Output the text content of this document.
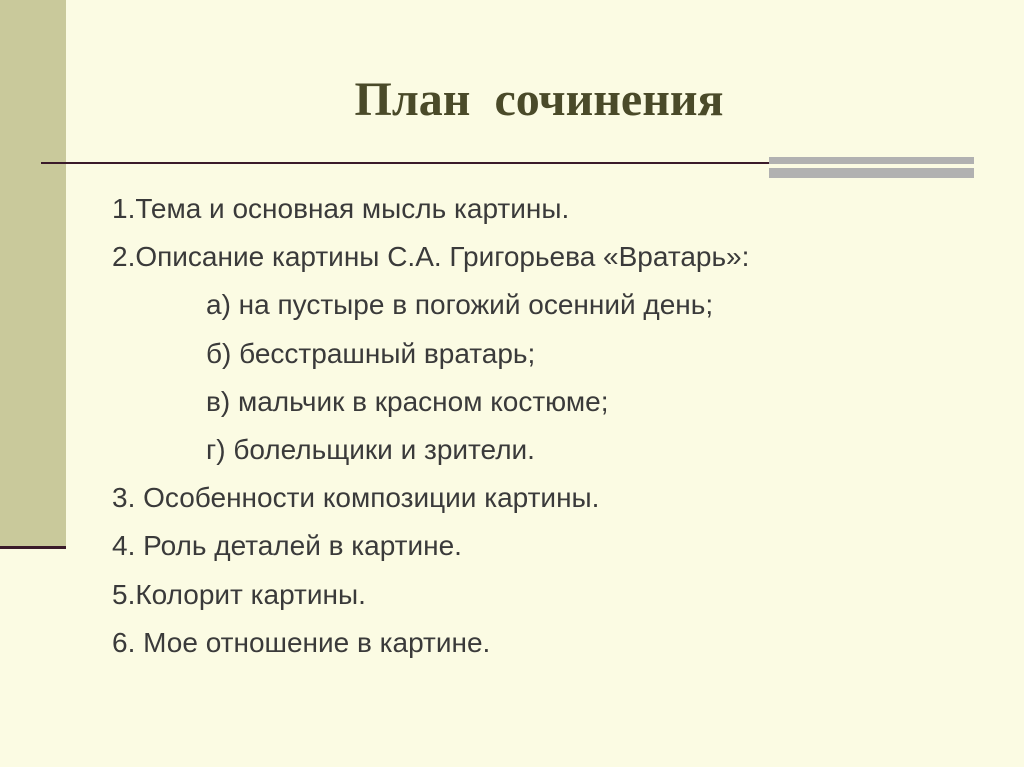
План  сочинения
1.Тема и основная мысль картины.
2.Описание картины С.А. Григорьева «Вратарь»:
а) на пустыре в погожий осенний день;
б) бесстрашный вратарь;
в) мальчик в красном костюме;
г) болельщики и зрители.
3. Особенности композиции картины.
4. Роль деталей в картине.
5.Колорит картины.
6. Мое отношение в картине.
